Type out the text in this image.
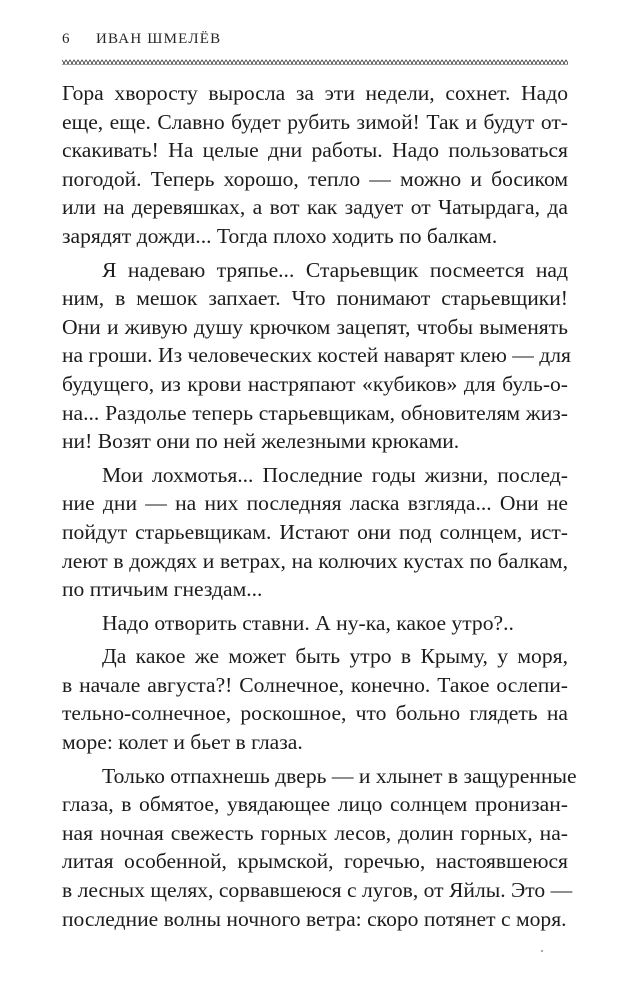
6 ИВАН ШМЕЛЁВ

Гора хворосту выросла за эти недели, сохнет. Надо
еще, еще. Славно будет рубить зимой! Так и будут от-
скакивать! На целые дни работы. Надо пользоваться
погодой. Теперь хорошо, тепло — можно и босиком
или на деревяшках, а вот как задует от Чатырдага, да
зарядят дожди... Тогда плохо ходить по балкам.

Я надеваю тряпье... Старьевщик посмеется над
ним, в мешок запхает. Что понимают старьевщики!
Они и живую душу крючком зацепят, чтобы выменять
на гроши. Из человеческих костей наварят клею — для
будущего, из крови настряпают «кубиков» для буль-о-
на... Раздолье теперь старьевщикам, обновителям жиз-
ни! Возят они по ней железными крюками.

Мои лохмотья... Последние годы жизни, послед-
ние дни — на них последняя ласка взгляда... Они не
пойдут старьевщикам. Истают они под солнцем, ист-
леют в дождях и ветрах, на колючих кустах по балкам,
по птичьим гнездам...

Надо отворить ставни. А ну-ка, какое утро?..

Да какое же может быть утро в Крыму, у моря,
в начале августа?! Солнечное, конечно. Такое ослепи-
тельно-солнечное, роскошное, что больно глядеть на
море: колет и бьет в глаза.

Только отпахнешь дверь — и хлынет в защуренные
глаза, в обмятое, увядающее лицо солнцем пронизан-
ная ночная свежесть горных лесов, долин горных, на-
литая особенной, крымской, горечью, настоявшеюся
в лесных щелях, сорвавшеюся с лугов, от Яйлы. Это —
последние волны ночного ветра: скоро потянет с моря.
